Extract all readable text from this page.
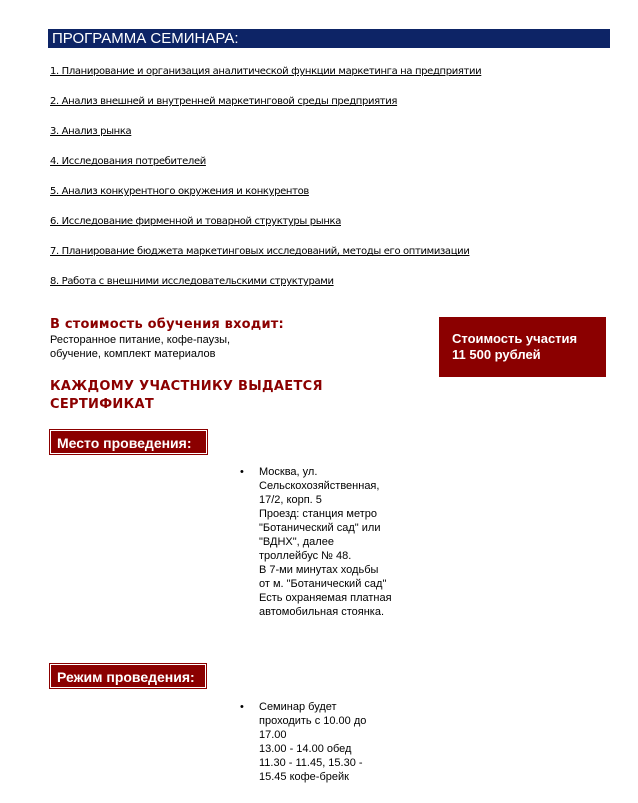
ПРОГРАММА СЕМИНАРА:
1. Планирование и организация аналитической функции маркетинга на предприятии
2. Анализ внешней и внутренней маркетинговой среды предприятия
3. Анализ рынка
4. Исследования потребителей
5. Анализ конкурентного окружения и конкурентов
6. Исследование фирменной и товарной структуры рынка
7. Планирование бюджета маркетинговых исследований, методы его оптимизации
8. Работа с внешними исследовательскими структурами
В стоимость обучения входит:
Ресторанное питание, кофе-паузы,
обучение, комплект материалов
Стоимость участия
11 500 рублей
КАЖДОМУ УЧАСТНИКУ ВЫДАЕТСЯ
СЕРТИФИКАТ
Место проведения:
• Москва, ул.
Сельскохозяйственная,
17/2, корп. 5
Проезд: станция метро
"Ботанический сад" или
"ВДНХ", далее
троллейбус № 48.
В 7-ми минутах ходьбы
от м. "Ботанический сад"
Есть охраняемая платная
автомобильная стоянка.
Режим проведения:
• Семинар будет
проходить с 10.00 до
17.00
13.00 - 14.00 обед
11.30 - 11.45, 15.30 -
15.45 кофе-брейк
